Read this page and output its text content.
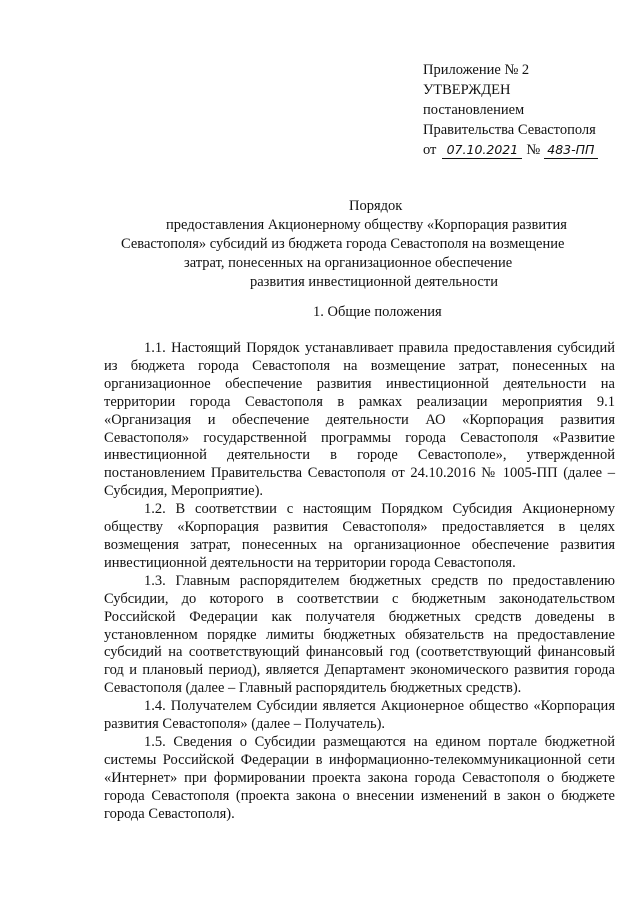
Приложение № 2
УТВЕРЖДЕН
постановлением
Правительства Севастополя
от 07.10.2021 № 483-ПП
Порядок
предоставления Акционерному обществу «Корпорация развития
Севастополя» субсидий из бюджета города Севастополя на возмещение
затрат, понесенных на организационное обеспечение
развития инвестиционной деятельности
1. Общие положения

1.1. Настоящий Порядок устанавливает правила предоставления субсидий из бюджета города Севастополя на возмещение затрат, понесенных на организационное обеспечение развития инвестиционной деятельности на территории города Севастополя в рамках реализации мероприятия 9.1 «Организация и обеспечение деятельности АО «Корпорация развития Севастополя» государственной программы города Севастополя «Развитие инвестиционной деятельности в городе Севастополе», утвержденной постановлением Правительства Севастополя от 24.10.2016 № 1005-ПП (далее – Субсидия, Мероприятие).

1.2. В соответствии с настоящим Порядком Субсидия Акционерному обществу «Корпорация развития Севастополя» предоставляется в целях возмещения затрат, понесенных на организационное обеспечение развития инвестиционной деятельности на территории города Севастополя.

1.3. Главным распорядителем бюджетных средств по предоставлению Субсидии, до которого в соответствии с бюджетным законодательством Российской Федерации как получателя бюджетных средств доведены в установленном порядке лимиты бюджетных обязательств на предоставление субсидий на соответствующий финансовый год (соответствующий финансовый год и плановый период), является Департамент экономического развития города Севастополя (далее – Главный распорядитель бюджетных средств).

1.4. Получателем Субсидии является Акционерное общество «Корпорация развития Севастополя» (далее – Получатель).

1.5. Сведения о Субсидии размещаются на едином портале бюджетной системы Российской Федерации в информационно-телекоммуникационной сети «Интернет» при формировании проекта закона города Севастополя о бюджете города Севастополя (проекта закона о внесении изменений в закон о бюджете города Севастополя).
